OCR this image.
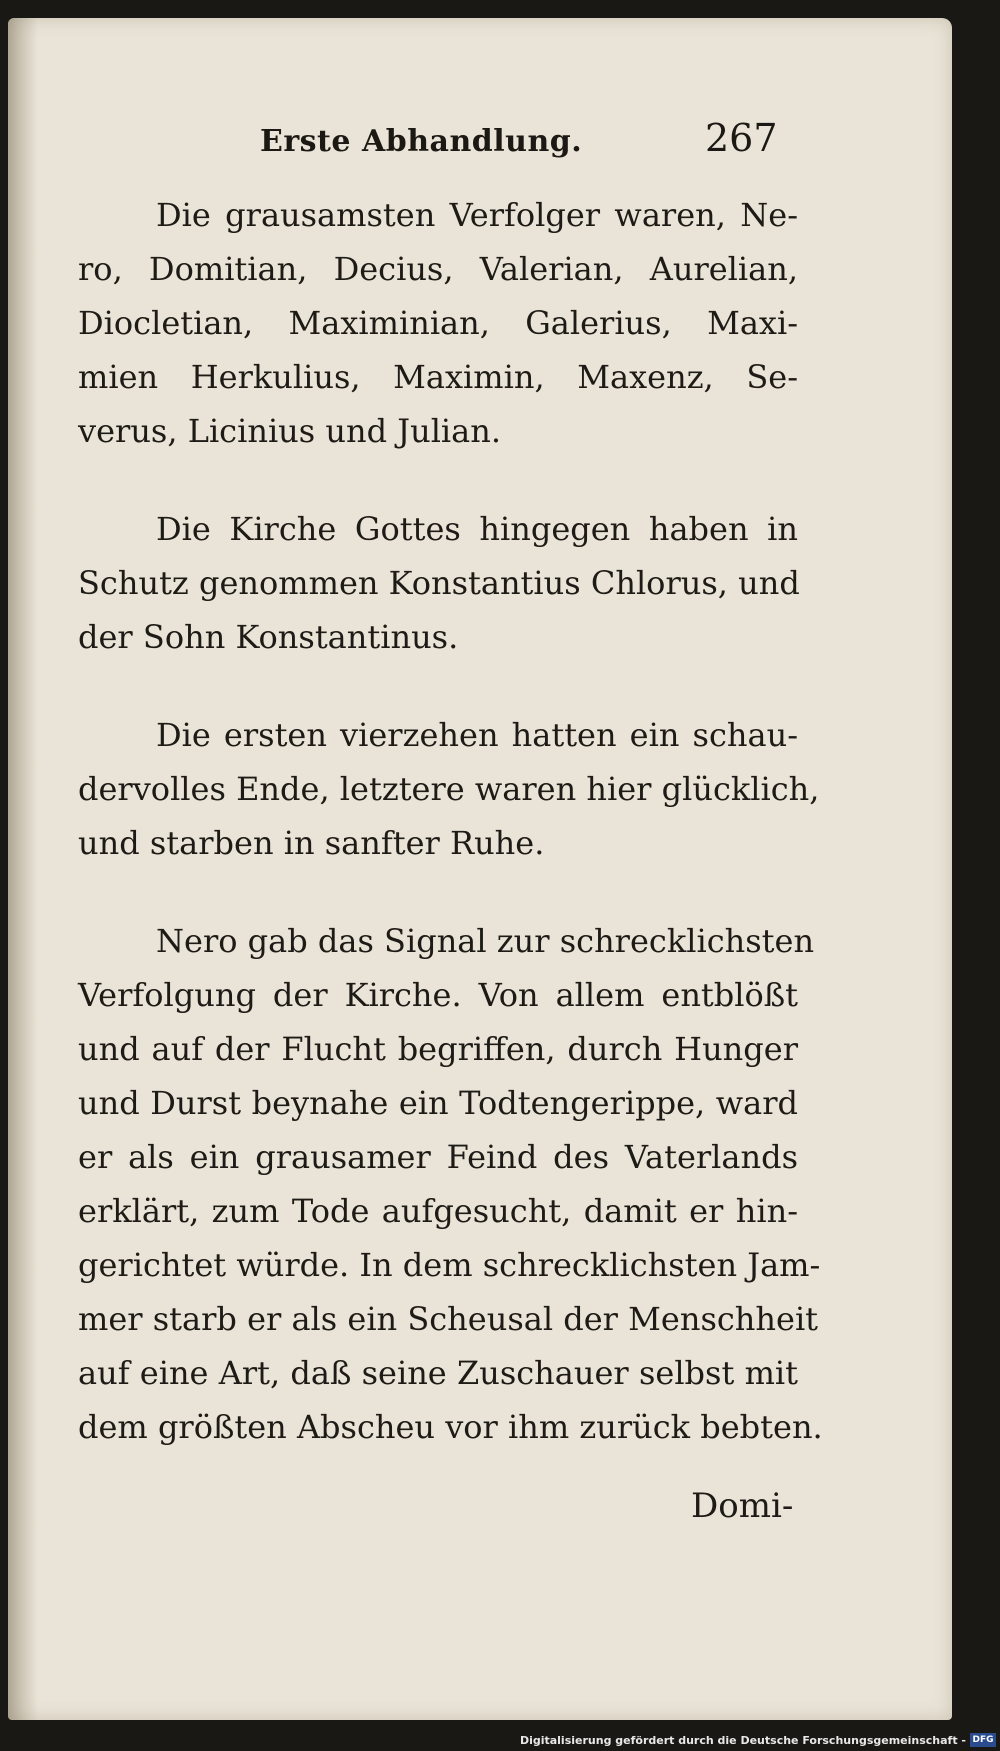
Erste Abhandlung.	267
Die grausamsten Verfolger waren, Ne-
ro, Domitian, Decius, Valerian, Aurelian,
Diocletian, Maximinian, Galerius, Maxi-
mien Herkulius, Maximin, Maxenz, Se-
verus, Licinius und Julian.
Die Kirche Gottes hingegen haben in
Schutz genommen Konstantius Chlorus, und
der Sohn Konstantinus.
Die ersten vierzehen hatten ein schau-
dervolles Ende, letztere waren hier glücklich,
und starben in sanfter Ruhe.
Nero gab das Signal zur schrecklichsten
Verfolgung der Kirche. Von allem entblößt
und auf der Flucht begriffen, durch Hunger
und Durst beynahe ein Todtengerippe, ward
er als ein grausamer Feind des Vaterlands
erklärt, zum Tode aufgesucht, damit er hin-
gerichtet würde. In dem schrecklichsten Jam-
mer starb er als ein Scheusal der Menschheit
auf eine Art, daß seine Zuschauer selbst mit
dem größten Abscheu vor ihm zurück bebten.
Domi-
Digitalisierung gefördert durch die Deutsche Forschungsgemeinschaft - DFG
